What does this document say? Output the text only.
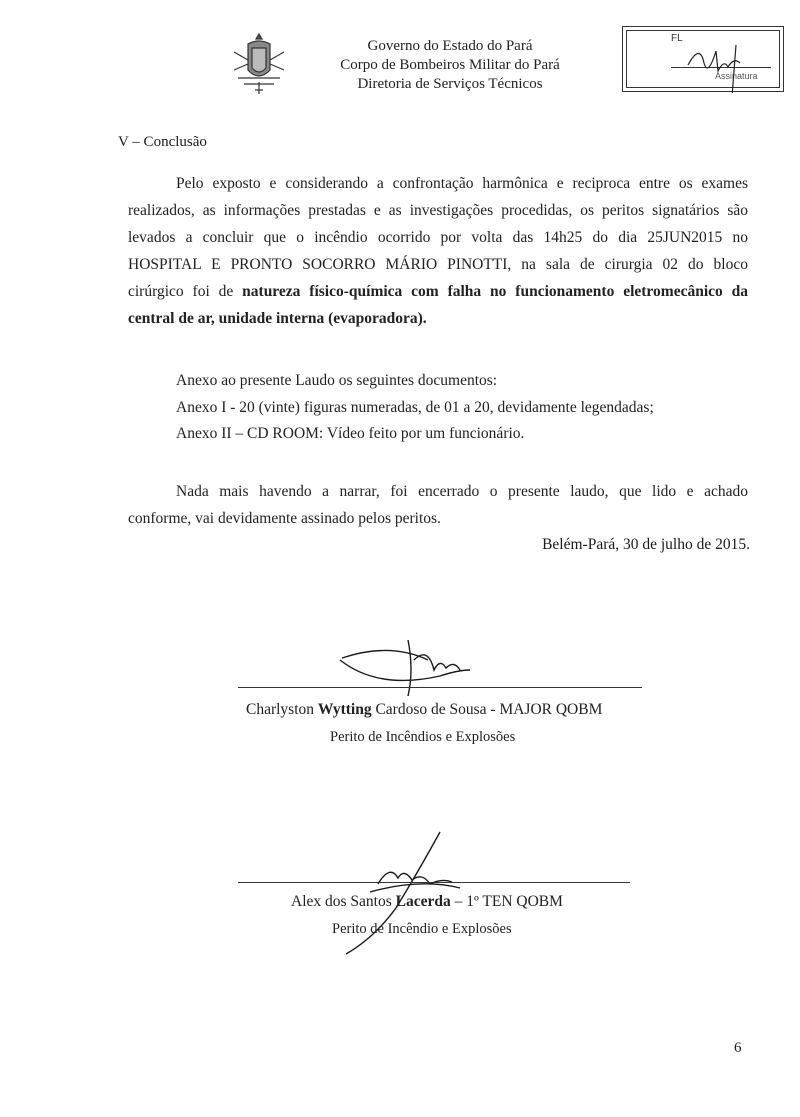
Governo do Estado do Pará
Corpo de Bombeiros Militar do Pará
Diretoria de Serviços Técnicos
FL
Assinatura
V – Conclusão
Pelo exposto e considerando a confrontação harmônica e reciproca entre os exames
realizados, as informações prestadas e as investigações procedidas, os peritos signatários são
levados a concluir que o incêndio ocorrido por volta das 14h25 do dia 25JUN2015 no
HOSPITAL E PRONTO SOCORRO MÁRIO PINOTTI, na sala de cirurgia 02 do bloco
cirúrgico foi de natureza físico-química com falha no funcionamento eletromecânico da
central de ar, unidade interna (evaporadora).
Anexo ao presente Laudo os seguintes documentos:
Anexo I - 20 (vinte) figuras numeradas, de 01 a 20, devidamente legendadas;
Anexo II – CD ROOM: Vídeo feito por um funcionário.
Nada mais havendo a narrar, foi encerrado o presente laudo, que lido e achado
conforme, vai devidamente assinado pelos peritos.
Belém-Pará, 30 de julho de 2015.
Charlyston Wytting Cardoso de Sousa - MAJOR QOBM
Perito de Incêndios e Explosões
Alex dos Santos Lacerda – 1º TEN QOBM
Perito de Incêndio e Explosões
6
